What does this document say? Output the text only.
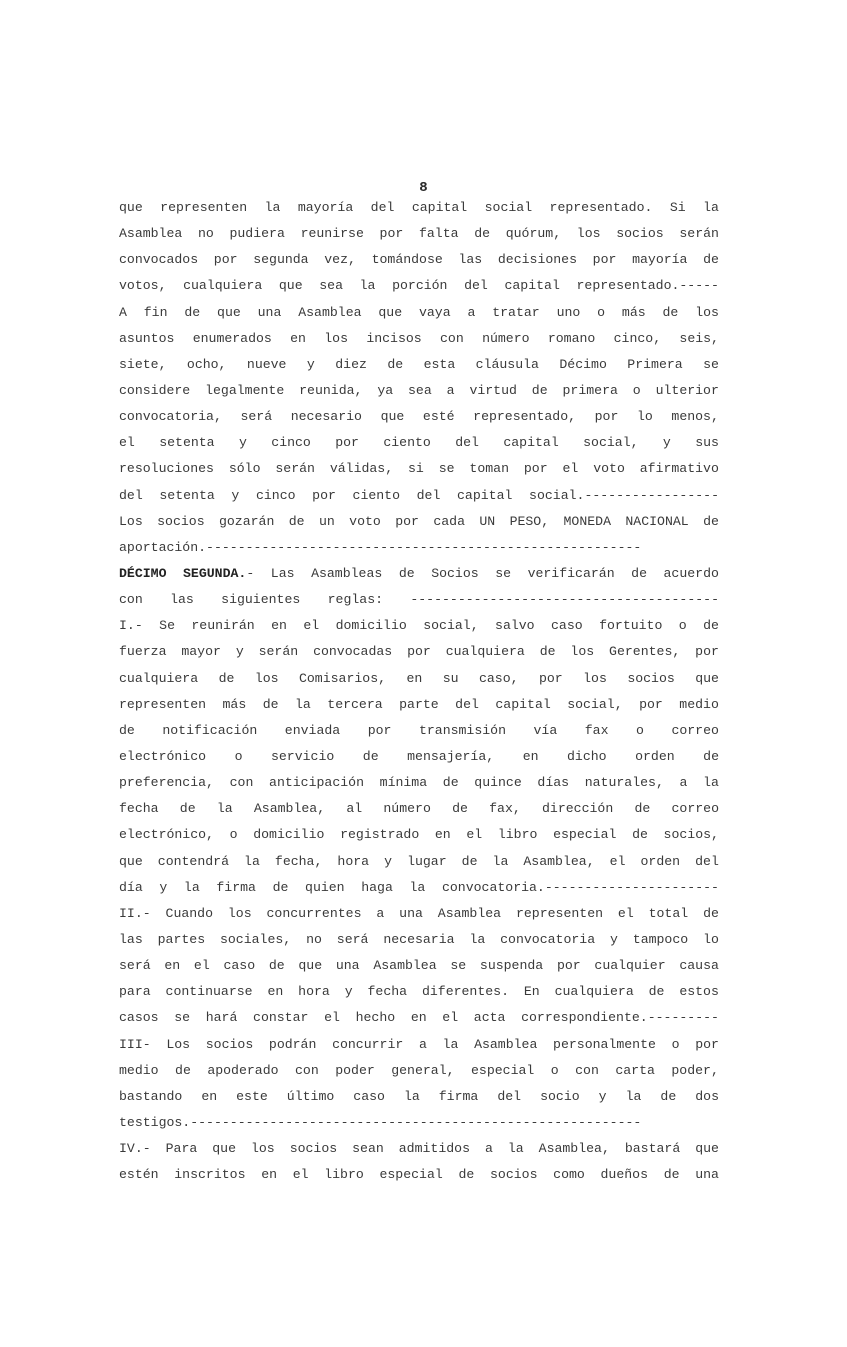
8
que representen la mayoría del capital social representado. Si la
Asamblea no pudiera reunirse por falta de quórum, los socios serán
convocados por segunda vez, tomándose las decisiones por mayoría de
votos, cualquiera que sea la porción del capital representado.-----
A fin de que una Asamblea que vaya a tratar uno o más de los
asuntos enumerados en los incisos con número romano cinco, seis,
siete, ocho, nueve y diez de esta cláusula Décimo Primera se
considere legalmente reunida, ya sea a virtud de primera o ulterior
convocatoria, será necesario que esté representado, por lo menos,
el setenta y cinco por ciento del capital social, y sus
resoluciones sólo serán válidas, si se toman por el voto afirmativo
del setenta y cinco por ciento del capital social.-----------------
Los socios gozarán de un voto por cada UN PESO, MONEDA NACIONAL de
aportación.-------------------------------------------------------
DÉCIMO SEGUNDA.- Las Asambleas de Socios se verificarán de acuerdo
con las siguientes reglas: ---------------------------------------
I.- Se reunirán en el domicilio social, salvo caso fortuito o de
fuerza mayor y serán convocadas por cualquiera de los Gerentes, por
cualquiera de los Comisarios, en su caso, por los socios que
representen más de la tercera parte del capital social, por medio
de notificación enviada por transmisión vía fax o correo
electrónico o servicio de mensajería, en dicho orden de
preferencia, con anticipación mínima de quince días naturales, a la
fecha de la Asamblea, al número de fax, dirección de correo
electrónico, o domicilio registrado en el libro especial de socios,
que contendrá la fecha, hora y lugar de la Asamblea, el orden del
día y la firma de quien haga la convocatoria.----------------------
II.- Cuando los concurrentes a una Asamblea representen el total de
las partes sociales, no será necesaria la convocatoria y tampoco lo
será en el caso de que una Asamblea se suspenda por cualquier causa
para continuarse en hora y fecha diferentes. En cualquiera de estos
casos se hará constar el hecho en el acta correspondiente.---------
III- Los socios podrán concurrir a la Asamblea personalmente o por
medio de apoderado con poder general, especial o con carta poder,
bastando en este último caso la firma del socio y la de dos
testigos.---------------------------------------------------------
IV.- Para que los socios sean admitidos a la Asamblea, bastará que
estén inscritos en el libro especial de socios como dueños de una
